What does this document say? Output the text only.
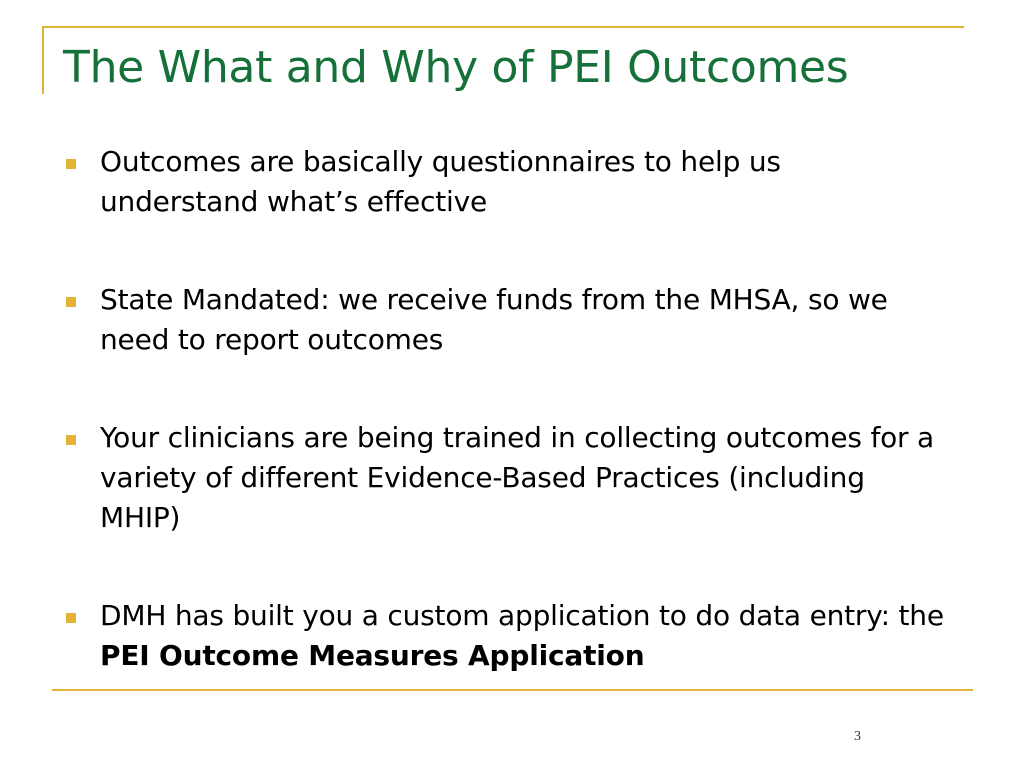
The What and Why of PEI Outcomes
Outcomes are basically questionnaires to help us understand what’s effective
State Mandated: we receive funds from the MHSA, so we need to report outcomes
Your clinicians are being trained in collecting outcomes for a variety of different Evidence-Based Practices (including MHIP)
DMH has built you a custom application to do data entry: the PEI Outcome Measures Application
3
